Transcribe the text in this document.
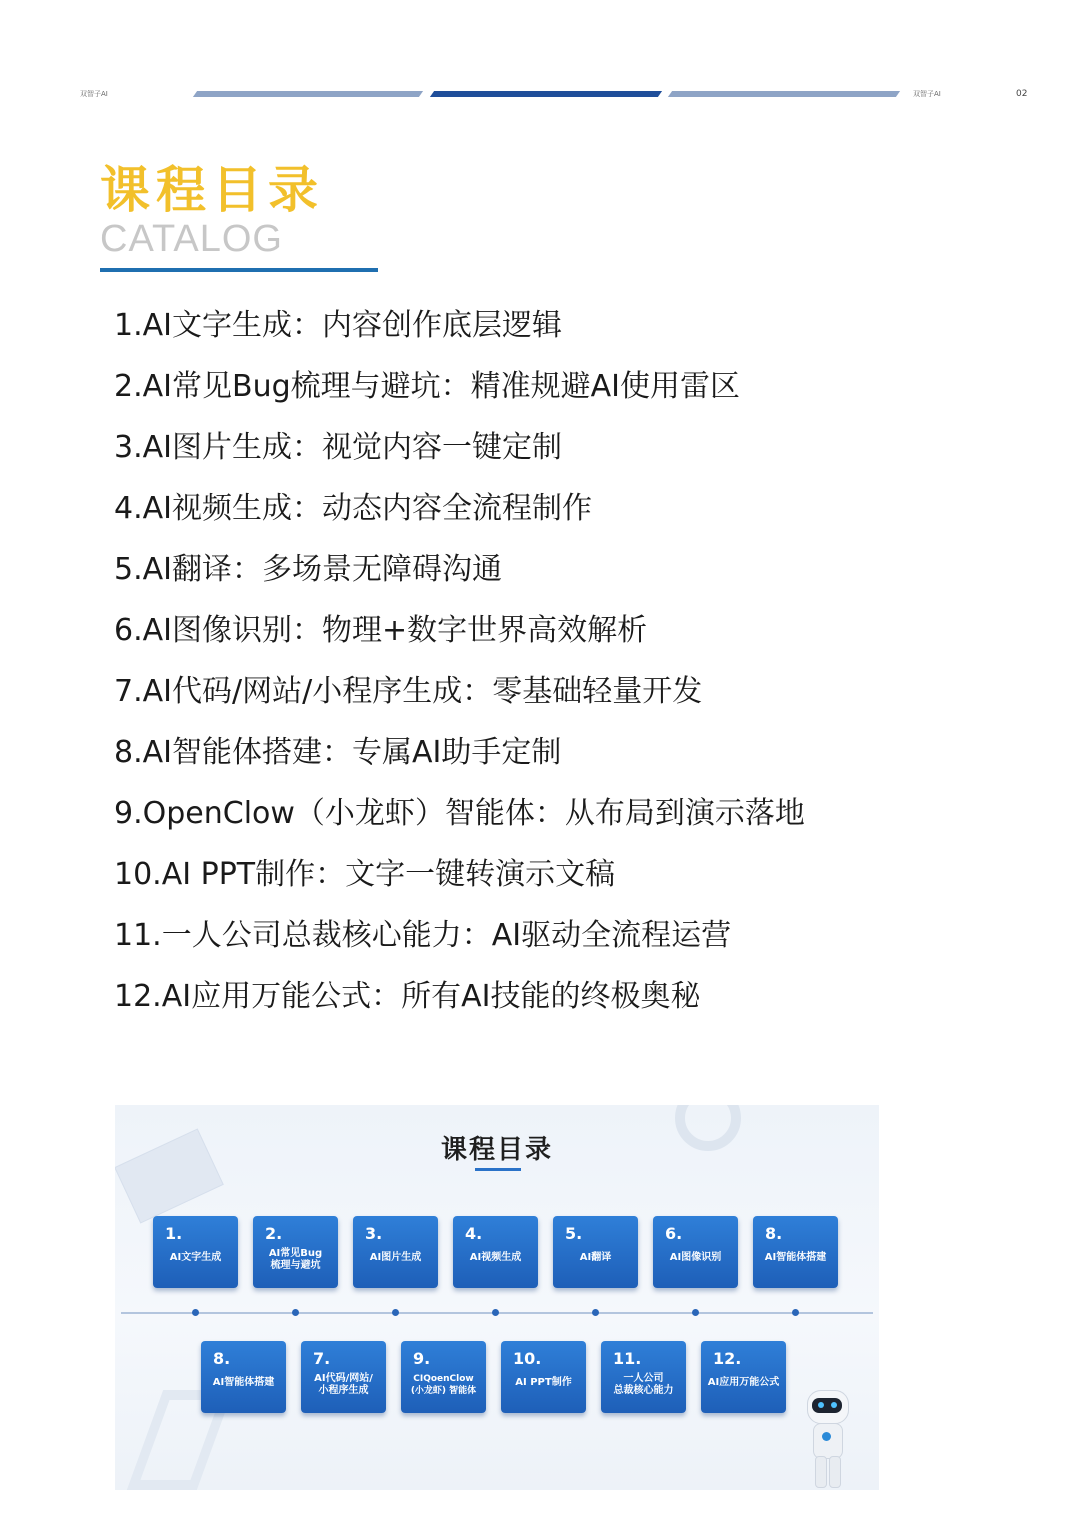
双智子AI	双智子AI	02
课程目录
CATALOG
1.AI文字生成：内容创作底层逻辑
2.AI常见Bug梳理与避坑：精准规避AI使用雷区
3.AI图片生成：视觉内容一键定制
4.AI视频生成：动态内容全流程制作
5.AI翻译：多场景无障碍沟通
6.AI图像识别：物理+数字世界高效解析
7.AI代码/网站/小程序生成：零基础轻量开发
8.AI智能体搭建：专属AI助手定制
9.OpenClow（小龙虾）智能体：从布局到演示落地
10.AI PPT制作：文字一键转演示文稿
11.一人公司总裁核心能力：AI驱动全流程运营
12.AI应用万能公式：所有AI技能的终极奥秘
课程目录
1.
AI文字生成
2.
AI常见Bug
梳理与避坑
3.
AI图片生成
4.
AI视频生成
5.
AI翻译
6.
AI图像识别
8.
AI智能体搭建
8.
AI智能体搭建
7.
AI代码/网站/
小程序生成
9.
CIQoenClow
(小龙虾) 智能体
10.
AI PPT制作
11.
一人公司
总裁核心能力
12.
AI应用万能公式
